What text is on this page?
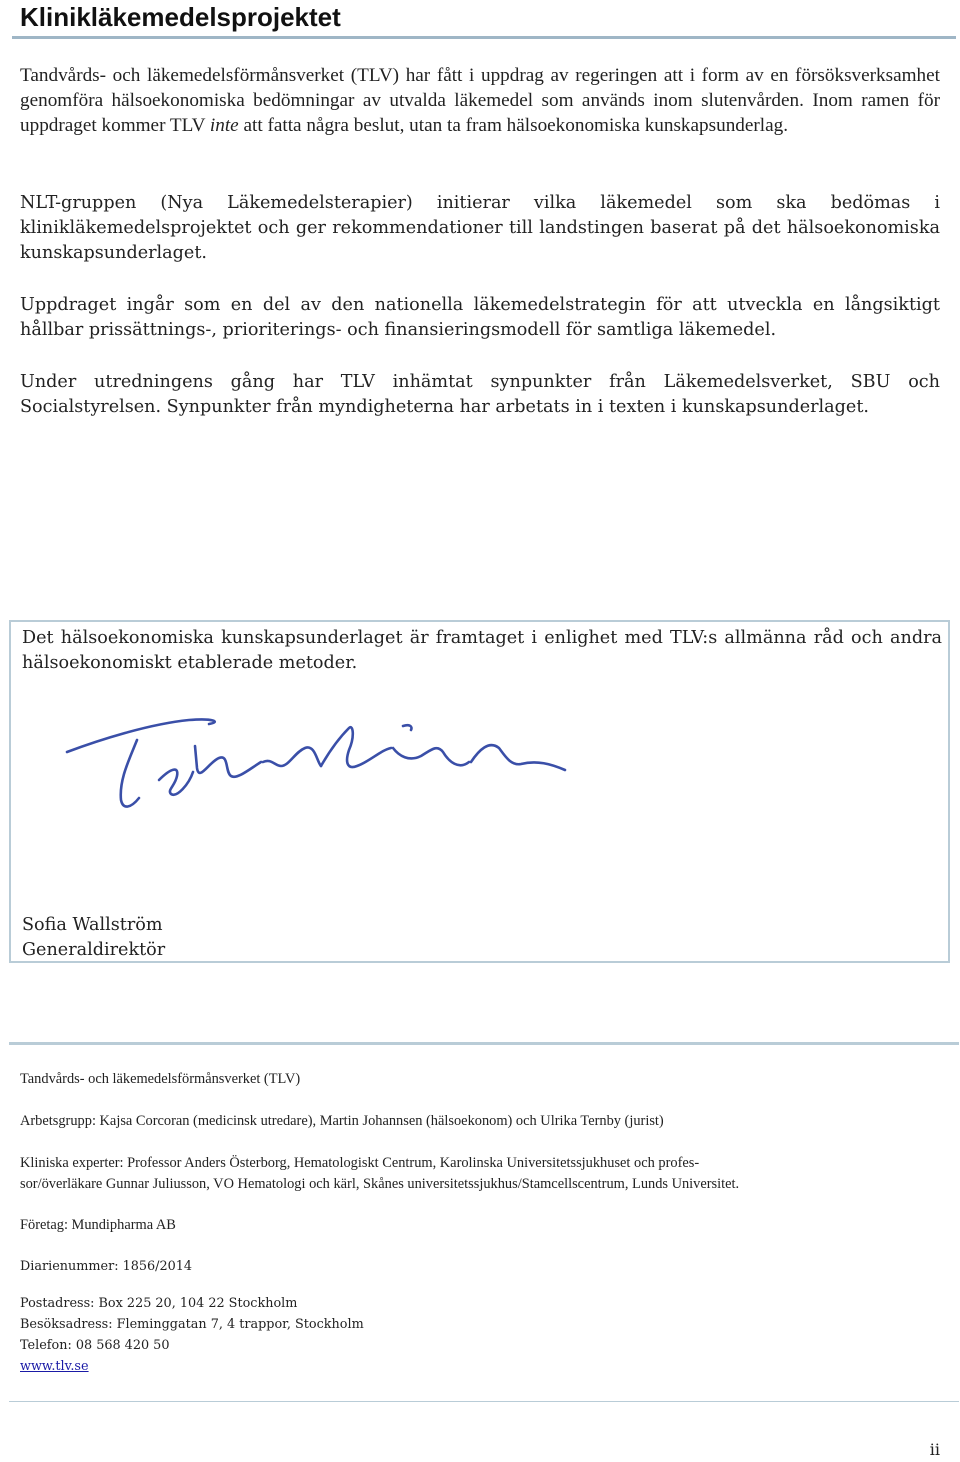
Klinikläkemedelsprojektet

Tandvårds- och läkemedelsförmånsverket (TLV) har fått i uppdrag av regeringen att i form av en försöksverksamhet genomföra hälsoekonomiska bedömningar av utvalda läkemedel som används inom slutenvården. Inom ramen för uppdraget kommer TLV inte att fatta några beslut, utan ta fram hälsoekonomiska kunskapsunderlag.

NLT-gruppen (Nya Läkemedelsterapier) initierar vilka läkemedel som ska bedömas i klinikläkemedelsprojektet och ger rekommendationer till landstingen baserat på det hälsoekonomiska kunskapsunderlaget.

Uppdraget ingår som en del av den nationella läkemedelstrategin för att utveckla en långsiktigt hållbar prissättnings-, prioriterings- och finansieringsmodell för samtliga läkemedel.

Under utredningens gång har TLV inhämtat synpunkter från Läkemedelsverket, SBU och Socialstyrelsen. Synpunkter från myndigheterna har arbetats in i texten i kunskapsunderlaget.

Det hälsoekonomiska kunskapsunderlaget är framtaget i enlighet med TLV:s allmänna råd och andra hälsoekonomiskt etablerade metoder.

Sofia Wallström

Generaldirektör

Tandvårds- och läkemedelsförmånsverket (TLV)

Arbetsgrupp: Kajsa Corcoran (medicinsk utredare), Martin Johannsen (hälsoekonom) och Ulrika Ternby (jurist)

Kliniska experter: Professor Anders Österborg, Hematologiskt Centrum, Karolinska Universitetssjukhuset och profes-

sor/överläkare Gunnar Juliusson, VO Hematologi och kärl, Skånes universitetssjukhus/Stamcellscentrum, Lunds Universitet.

Företag: Mundipharma AB

Diarienummer: 1856/2014

Postadress: Box 225 20, 104 22 Stockholm

Besöksadress: Fleminggatan 7, 4 trappor, Stockholm

Telefon: 08 568 420 50

www.tlv.se

ii
